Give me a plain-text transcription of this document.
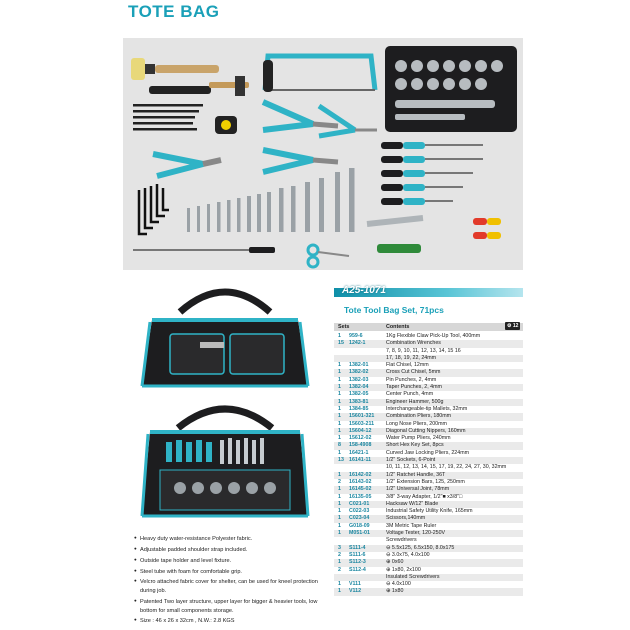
TOTE BAG
● Heavy duty water-resistance Polyester fabric.
● Adjustable padded shoulder strap included.
● Outside tape holder and level fixture.
● Steel tube with foam for comfortable grip.
● Velcro attached fabric cover for shelter, can be used for kneel protection during job.
● Patented Two layer structure, upper layer for bigger & heavier tools, low bottom for small components storage.
● Size : 46 x 26 x 32cm , N.W.: 2.8 KGS
A25-1071
Tote Tool Bag Set, 71pcs
Sets	Contents	⚙ 12
1 959-6	1Kg Flexible Claw Pick-Up Tool, 400mm
15 1242-1	Combination Wrenches
7, 8, 9, 10, 11, 12, 13, 14, 15 16
17, 18, 19, 22, 24mm
1 1382-01	Flat Chisel, 12mm
1 1382-02	Cross Cut Chisel, 5mm
1 1382-03	Pin Punches, 2, 4mm
1 1382-04	Taper Punches, 2, 4mm
1 1382-05	Center Punch, 4mm
1 1383-81	Engineer Hammer, 500g
1 1384-85	Interchangeable-tip Mallets, 32mm
1 15601-321 Combination Pliers, 180mm
1 15603-211 Long Nose Pliers, 200mm
1 15604-12	Diagonal Cutting Nippers, 160mm
1 15612-02	Water Pump Pliers, 240mm
8 158-4908	Short Hex Key Set, 8pcs
1 16421-1	Curved Jaw Locking Pliers, 224mm
13 16141-11	1/2" Sockets, 6-Point
10, 11, 12, 13, 14, 15, 17, 19, 22, 24, 27, 30, 32mm
1 16142-02	1/2" Ratchet Handle, 36T
2 16143-02	1/2" Extension Bars, 125, 250mm
1 16145-02	1/2" Universal Joint, 78mm
1 16135-05	3/8" 3-way Adapter, 1/2"■ x3/8"□
1 C021-01	Hacksaw W/12" Blade
1 C022-03	Industrial Safety Utility Knife, 165mm
1 C023-04	Scissors,140mm
1 G018-09	3M Metric Tape Ruler
1 M051-01	Voltage Tester, 120-250V
Screwdrivers
3 S111-4	⊖ 5.5x125, 6.5x150, 8.0x175
2 S111-6	⊖ 3.0x75, 4.0x100
1 S112-3	⊕ 0x60
2 S112-4	⊕ 1x80, 2x100
Insulated Screwdrivers
1 V111	⊖ 4.0x100
1 V112	⊕ 1x80
